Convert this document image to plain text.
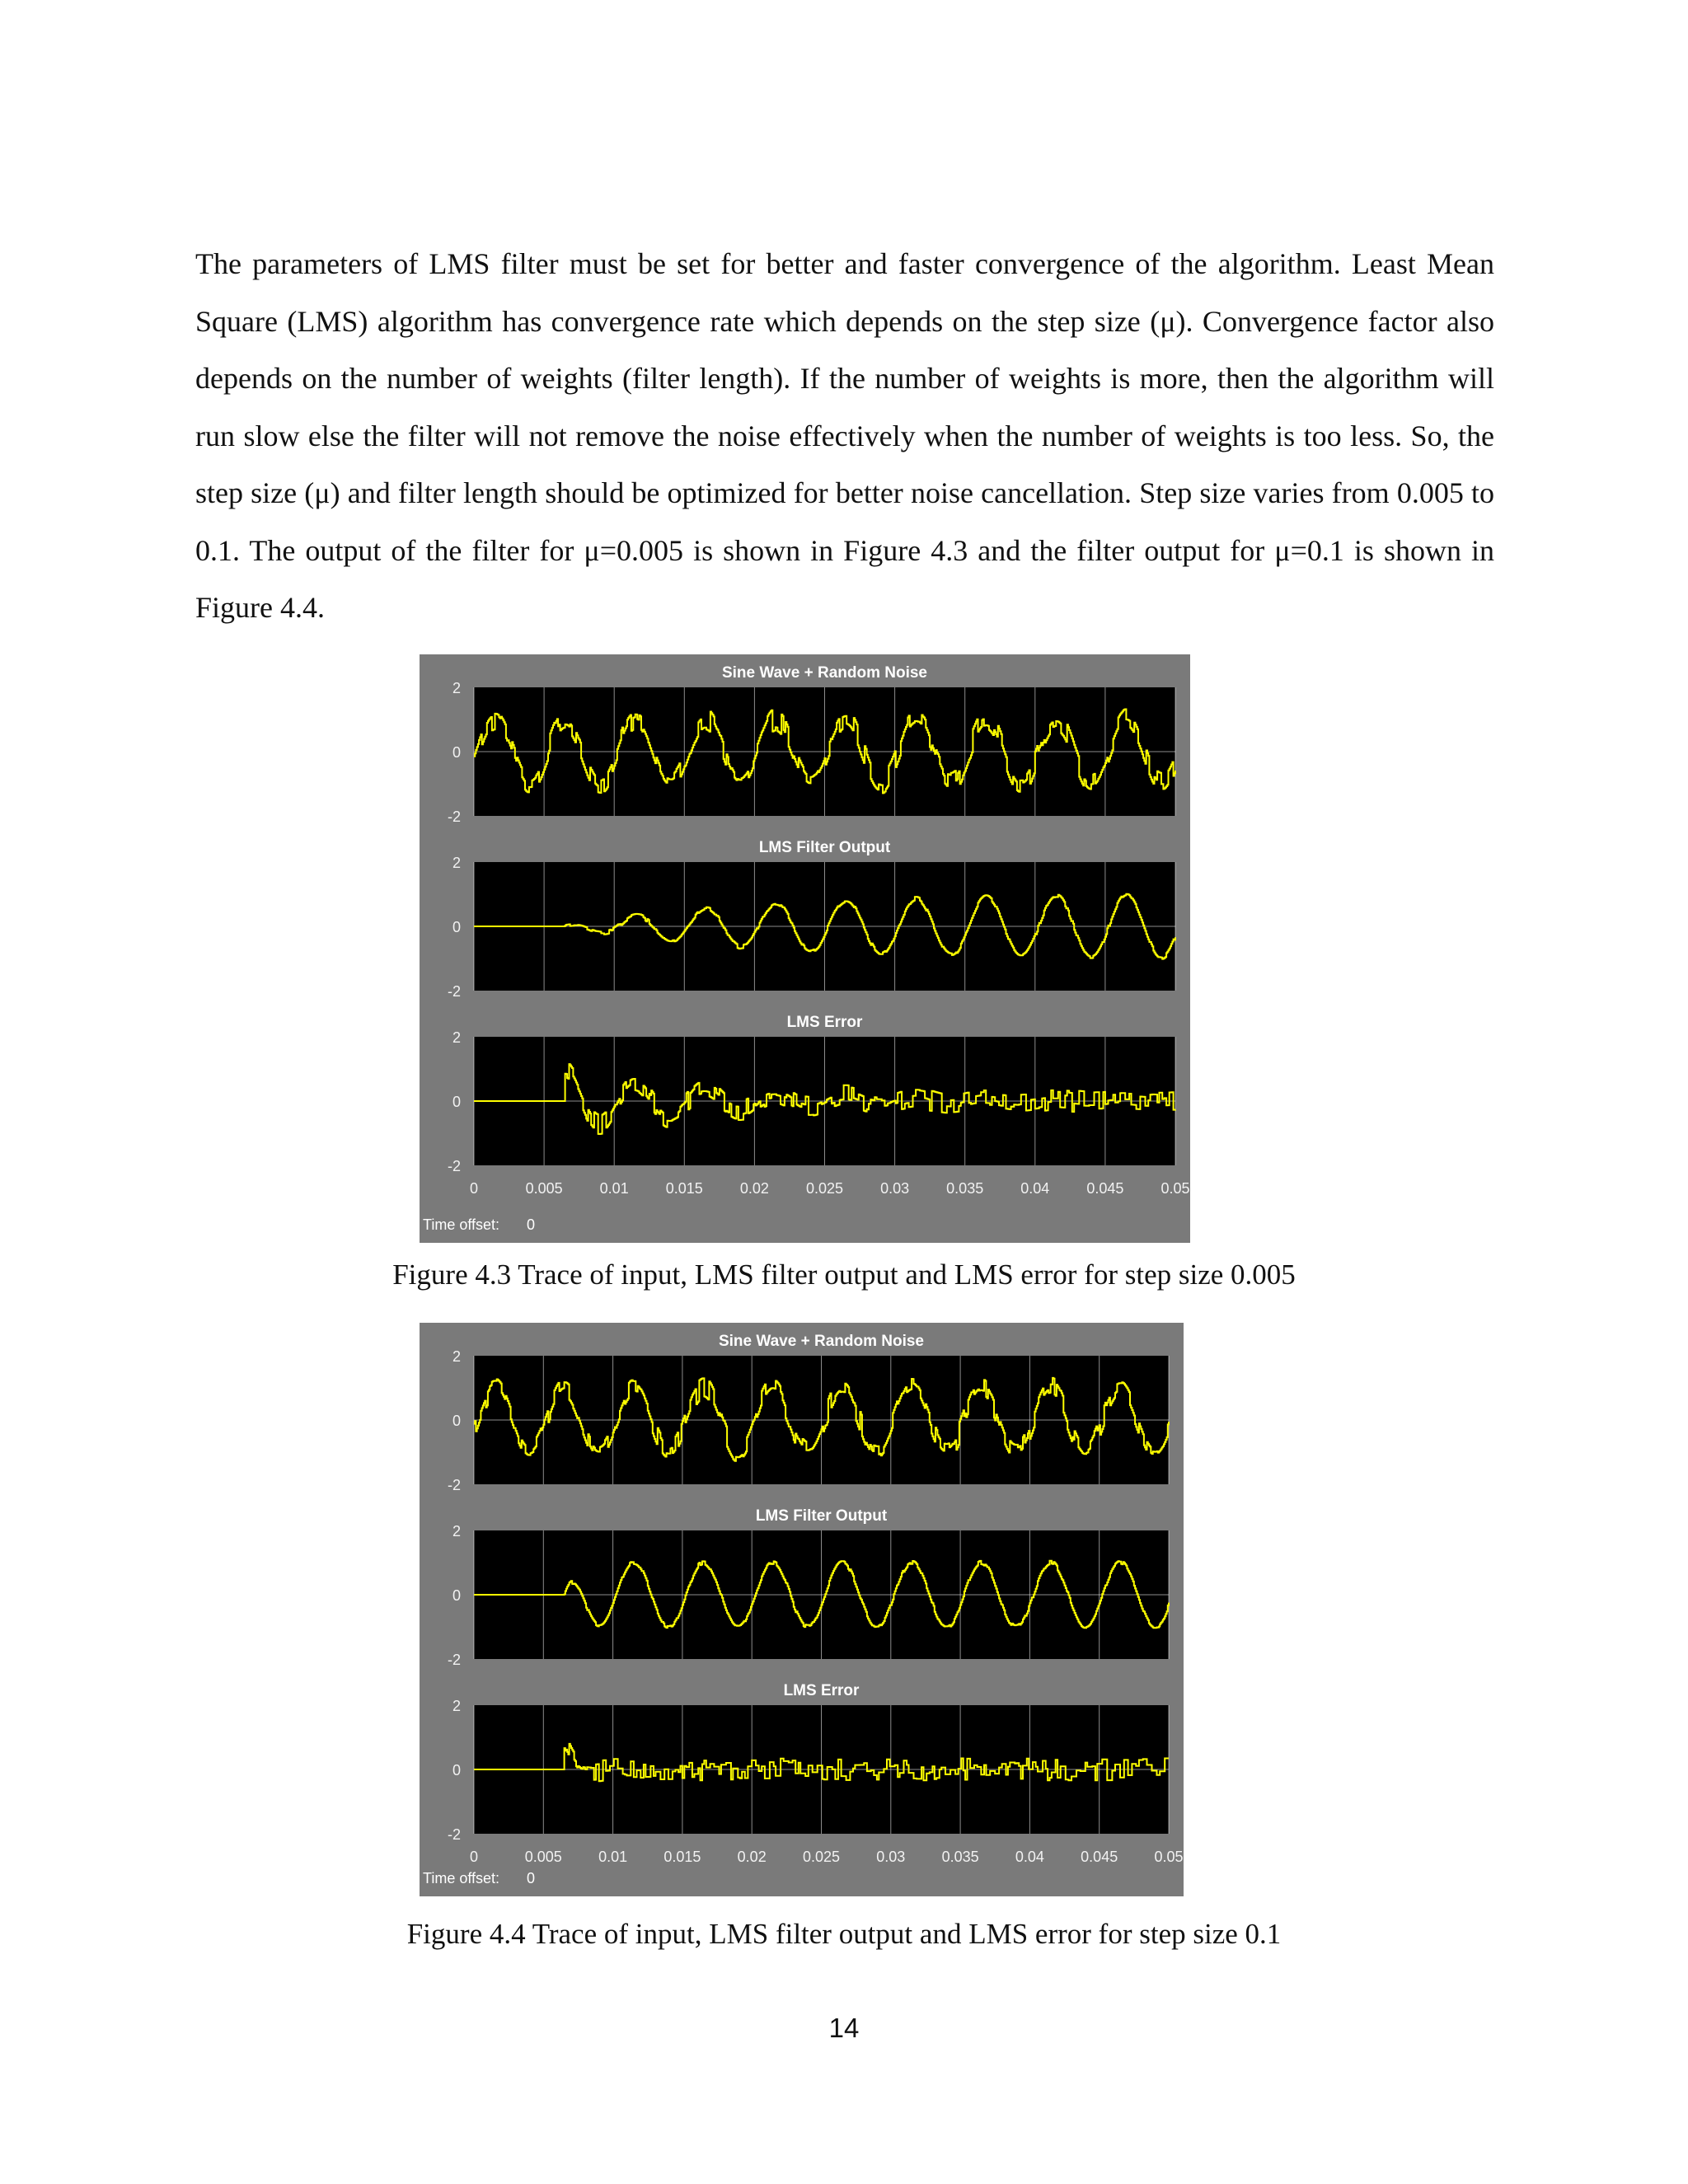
The parameters of LMS filter must be set for better and faster convergence of the algorithm. Least Mean Square (LMS) algorithm has convergence rate which depends on the step size (μ). Convergence factor also depends on the number of weights (filter length). If the number of weights is more, then the algorithm will run slow else the filter will not remove the noise effectively when the number of weights is too less. So, the step size (μ) and filter length should be optimized for better noise cancellation. Step size varies from 0.005 to 0.1. The output of the filter for μ=0.005 is shown in Figure 4.3 and the filter output for μ=0.1 is shown in Figure 4.4.

Sine Wave + Random Noise
2
0
-2
LMS Filter Output
2
0
-2
LMS Error
2
0
-2
0	0.005	0.01	0.015	0.02	0.025	0.03	0.035	0.04	0.045	0.05
Time offset: 0

Figure 4.3 Trace of input, LMS filter output and LMS error for step size 0.005

Sine Wave + Random Noise
2
0
-2
LMS Filter Output
2
0
-2
LMS Error
2
0
-2
0	0.005 0.01 0.015 0.02 0.025 0.03 0.035 0.04 0.045 0.05
Time offset: 0

Figure 4.4 Trace of input, LMS filter output and LMS error for step size 0.1

14
